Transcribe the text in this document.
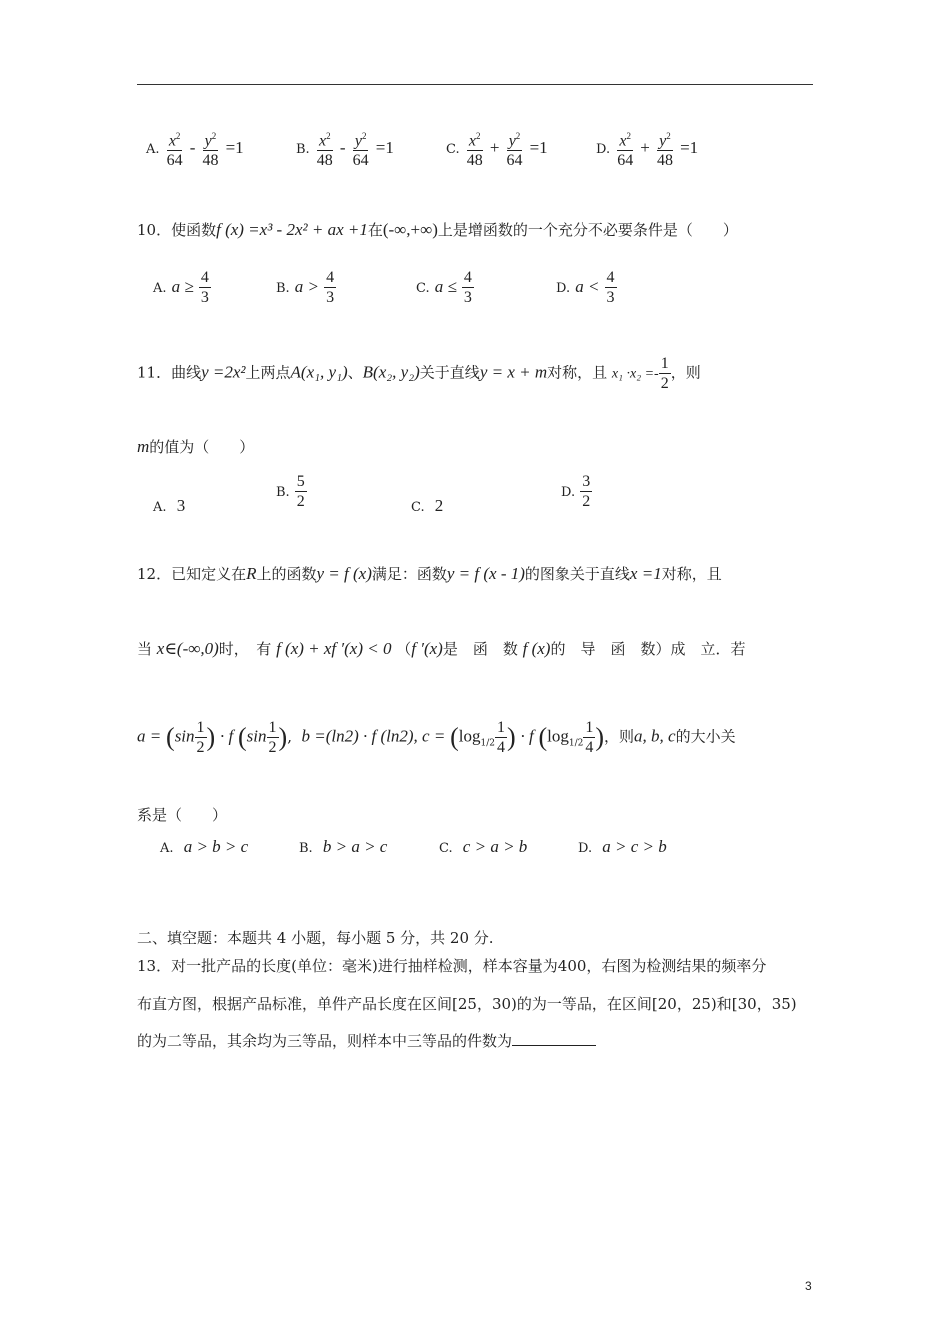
A. $\frac{x^2}{64} - \frac{y^2}{48} =1$	B. $\frac{x^2}{48} - \frac{y^2}{64} =1$	C. $\frac{x^2}{48} + \frac{y^2}{64} =1$	D. $\frac{x^2}{64} + \frac{y^2}{48} =1$
10．使函数f (x) =x³ - 2x² + ax +1在(-∞,+∞)上是增函数的一个充分不必要条件是（　　）
A. $a \ge \frac{4}{3}$	B. $a > \frac{4}{3}$	C. $a \le \frac{4}{3}$	D. $a < \frac{4}{3}$
11．曲线y =2x²上两点A(x₁, y₁)、B(x₂, y₂)关于直线y = x + m对称，且 $x_1 \cdot x_2 =- \frac{1}{2}$ ，则
m的值为（　　）
A. 3
B. $\frac{5}{2}$	C. 2
D. $\frac{3}{2}$
12．已知定义在R上的函数y = f (x)满足：函数y = f (x - 1)的图象关于直线x =1对称，且
当 x∈(-∞,0)时，　有 f (x) + xf ′(x) < 0 （f ′(x)是　函　数 f (x)的　导　函　数）成　立．若
$a = (\sin \frac{1}{2}$ ) · f ($\sin \frac{1}{2}$ ), b =(ln2) · f (ln2), $c = (\log_{1/2} \frac{1}{4}$ ) · f ($\log_{1/2} \frac{1}{4}$ )，则a, b, c的大小关
系是（　　）
A. a > b > c	B. b > a > c	C. c > a > b	D. a > c > b
二、填空题：本题共 4 小题，每小题 5 分，共 20 分.
13．对一批产品的长度(单位：毫米)进行抽样检测，样本容量为400，右图为检测结果的频率分
布直方图，根据产品标准，单件产品长度在区间[25，30)的为一等品，在区间[20，25)和[30，35)
的为二等品，其余均为三等品，则样本中三等品的件数为
3
